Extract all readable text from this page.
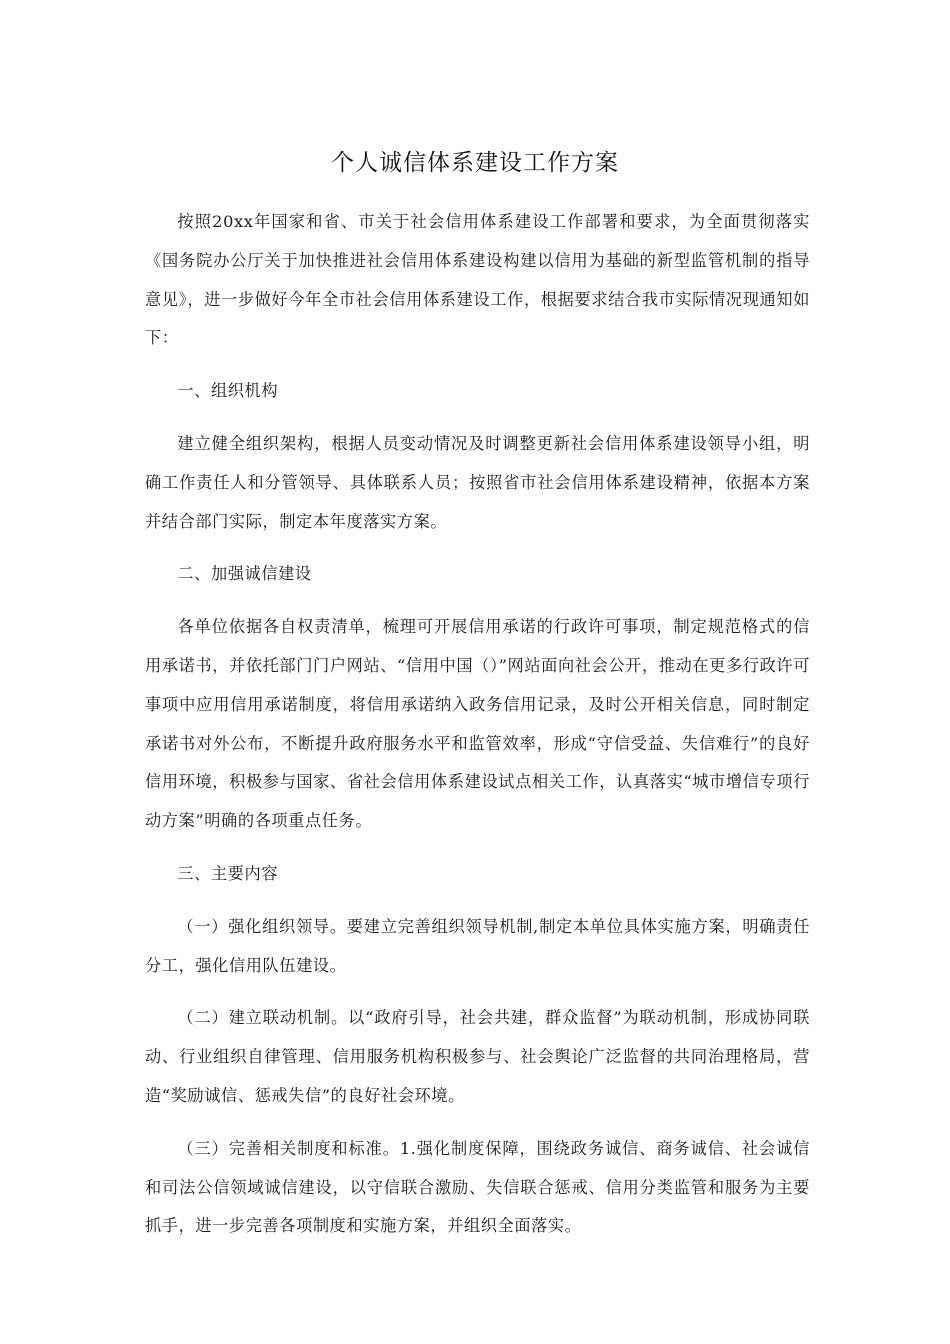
个人诚信体系建设工作方案

按照20xx年国家和省、市关于社会信用体系建设工作部署和要求，为全面贯彻落实《国务院办公厅关于加快推进社会信用体系建设构建以信用为基础的新型监管机制的指导意见》，进一步做好今年全市社会信用体系建设工作，根据要求结合我市实际情况现通知如下：

一、组织机构

建立健全组织架构，根据人员变动情况及时调整更新社会信用体系建设领导小组，明确工作责任人和分管领导、具体联系人员；按照省市社会信用体系建设精神，依据本方案并结合部门实际，制定本年度落实方案。

二、加强诚信建设

各单位依据各自权责清单，梳理可开展信用承诺的行政许可事项，制定规范格式的信用承诺书，并依托部门门户网站、“信用中国（）”网站面向社会公开，推动在更多行政许可事项中应用信用承诺制度，将信用承诺纳入政务信用记录，及时公开相关信息，同时制定承诺书对外公布，不断提升政府服务水平和监管效率，形成“守信受益、失信难行”的良好信用环境，积极参与国家、省社会信用体系建设试点相关工作，认真落实“城市增信专项行动方案”明确的各项重点任务。

三、主要内容

（一）强化组织领导。要建立完善组织领导机制,制定本单位具体实施方案，明确责任分工，强化信用队伍建设。

（二）建立联动机制。以“政府引导，社会共建，群众监督”为联动机制，形成协同联动、行业组织自律管理、信用服务机构积极参与、社会舆论广泛监督的共同治理格局，营造“奖励诚信、惩戒失信”的良好社会环境。

（三）完善相关制度和标准。1.强化制度保障，围绕政务诚信、商务诚信、社会诚信和司法公信领域诚信建设，以守信联合激励、失信联合惩戒、信用分类监管和服务为主要抓手，进一步完善各项制度和实施方案，并组织全面落实。
